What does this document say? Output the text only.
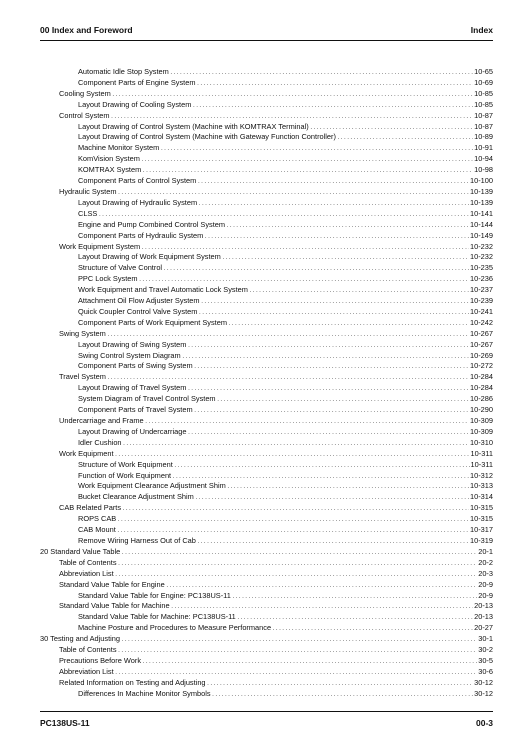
00 Index and Foreword	Index
Automatic Idle Stop System .....	10-65
Component Parts of Engine System .....	10-69
Cooling System .....	10-85
Layout Drawing of Cooling System .....	10-85
Control System .....	10-87
Layout Drawing of Control System (Machine with KOMTRAX Terminal) .....	10-87
Layout Drawing of Control System (Machine with Gateway Function Controller) .....	10-89
Machine Monitor System .....	10-91
KomVision System .....	10-94
KOMTRAX System .....	10-98
Component Parts of Control System .....	10-100
Hydraulic System .....	10-139
Layout Drawing of Hydraulic System .....	10-139
CLSS .....	10-141
Engine and Pump Combined Control System .....	10-144
Component Parts of Hydraulic System .....	10-149
Work Equipment System .....	10-232
Layout Drawing of Work Equipment System .....	10-232
Structure of Valve Control .....	10-235
PPC Lock System .....	10-236
Work Equipment and Travel Automatic Lock System .....	10-237
Attachment Oil Flow Adjuster System .....	10-239
Quick Coupler Control Valve System .....	10-241
Component Parts of Work Equipment System .....	10-242
Swing System .....	10-267
Layout Drawing of Swing System .....	10-267
Swing Control System Diagram .....	10-269
Component Parts of Swing System .....	10-272
Travel System .....	10-284
Layout Drawing of Travel System .....	10-284
System Diagram of Travel Control System .....	10-286
Component Parts of Travel System .....	10-290
Undercarriage and Frame .....	10-309
Layout Drawing of Undercarriage .....	10-309
Idler Cushion .....	10-310
Work Equipment .....	10-311
Structure of Work Equipment .....	10-311
Function of Work Equipment .....	10-312
Work Equipment Clearance Adjustment Shim .....	10-313
Bucket Clearance Adjustment Shim .....	10-314
CAB Related Parts .....	10-315
ROPS CAB .....	10-315
CAB Mount .....	10-317
Remove Wiring Harness Out of Cab .....	10-319
20 Standard Value Table .....	20-1
Table of Contents .....	20-2
Abbreviation List .....	20-3
Standard Value Table for Engine .....	20-9
Standard Value Table for Engine: PC138US-11 .....	20-9
Standard Value Table for Machine .....	20-13
Standard Value Table for Machine: PC138US-11 .....	20-13
Machine Posture and Procedures to Measure Performance .....	20-27
30 Testing and Adjusting .....	30-1
Table of Contents .....	30-2
Precautions Before Work .....	30-5
Abbreviation List .....	30-6
Related Information on Testing and Adjusting .....	30-12
Differences In Machine Monitor Symbols .....	30-12
PC138US-11	00-3
